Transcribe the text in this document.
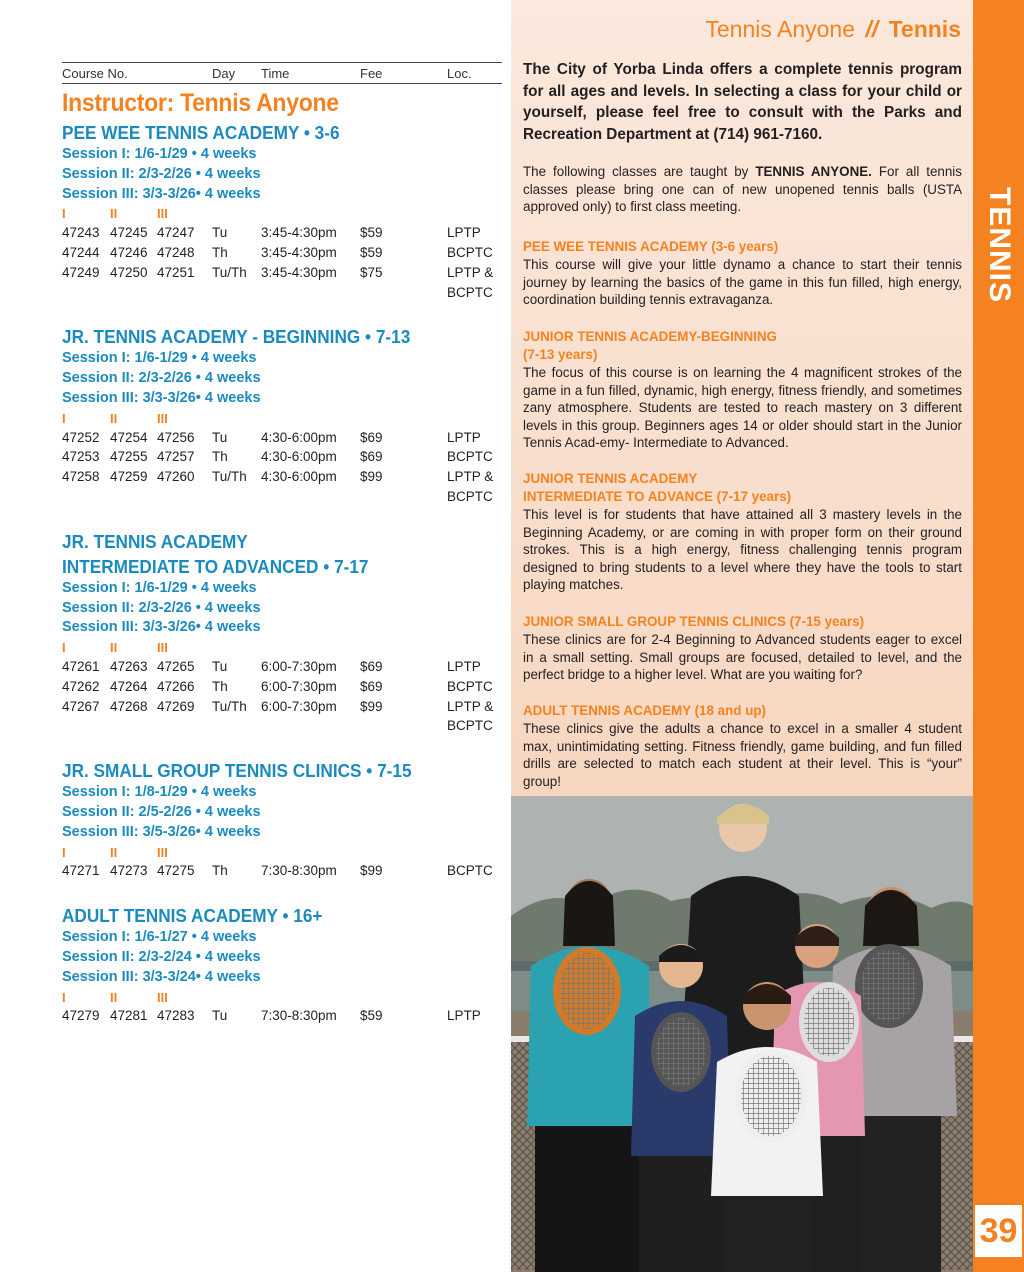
Course No.	Day Time	Fee	Loc.
Instructor: Tennis Anyone
PEE WEE TENNIS ACADEMY • 3-6
Session I: 1/6-1/29 • 4 weeks
Session II: 2/3-2/26 • 4 weeks
Session III: 3/3-3/26• 4 weeks
I	II	III
47243 47245 47247 Tu 3:45-4:30pm $59	LPTP
47244 47246 47248 Th 3:45-4:30pm $59	BCPTC
47249 47250 47251 Tu/Th 3:45-4:30pm $75	LPTP &
BCPTC
JR. TENNIS ACADEMY - BEGINNING • 7-13
Session I: 1/6-1/29 • 4 weeks
Session II: 2/3-2/26 • 4 weeks
Session III: 3/3-3/26• 4 weeks
I	II	III
47252 47254 47256 Tu 4:30-6:00pm $69	LPTP
47253 47255 47257 Th 4:30-6:00pm $69	BCPTC
47258 47259 47260 Tu/Th 4:30-6:00pm $99	LPTP &
BCPTC
JR. TENNIS ACADEMY
INTERMEDIATE TO ADVANCED • 7-17
Session I: 1/6-1/29 • 4 weeks
Session II: 2/3-2/26 • 4 weeks
Session III: 3/3-3/26• 4 weeks
I	II	III
47261 47263 47265 Tu 6:00-7:30pm $69	LPTP
47262 47264 47266 Th 6:00-7:30pm $69	BCPTC
47267 47268 47269 Tu/Th 6:00-7:30pm $99	LPTP &
BCPTC
JR. SMALL GROUP TENNIS CLINICS • 7-15
Session I: 1/8-1/29 • 4 weeks
Session II: 2/5-2/26 • 4 weeks
Session III: 3/5-3/26• 4 weeks
I	II	III
47271 47273 47275 Th 7:30-8:30pm $99	BCPTC
ADULT TENNIS ACADEMY • 16+
Session I: 1/6-1/27 • 4 weeks
Session II: 2/3-2/24 • 4 weeks
Session III: 3/3-3/24• 4 weeks
I	II	III
47279 47281 47283 Tu 7:30-8:30pm $59	LPTP
Tennis Anyone // Tennis
The City of Yorba Linda offers a complete tennis program for all ages and levels. In selecting a class for your child or yourself, please feel free to consult with the Parks and Recreation Department at (714) 961-7160.
The following classes are taught by TENNIS ANYONE. For all tennis classes please bring one can of new unopened tennis balls (USTA approved only) to first class meeting.
PEE WEE TENNIS ACADEMY (3-6 years)
This course will give your little dynamo a chance to start their tennis journey by learning the basics of the game in this fun filled, high energy, coordination building tennis extravaganza.
JUNIOR TENNIS ACADEMY-BEGINNING
(7-13 years)
The focus of this course is on learning the 4 magnificent strokes of the game in a fun filled, dynamic, high energy, fitness friendly, and sometimes zany atmosphere. Students are tested to reach mastery on 3 different levels in this group. Beginners ages 14 or older should start in the Junior Tennis Acad-emy- Intermediate to Advanced.
JUNIOR TENNIS ACADEMY
INTERMEDIATE TO ADVANCE (7-17 years)
This level is for students that have attained all 3 mastery levels in the Beginning Academy, or are coming in with proper form on their ground strokes. This is a high energy, fitness challenging tennis program designed to bring students to a level where they have the tools to start playing matches.
JUNIOR SMALL GROUP TENNIS CLINICS (7-15 years)
These clinics are for 2-4 Beginning to Advanced students eager to excel in a small setting. Small groups are focused, detailed to level, and the perfect bridge to a higher level. What are you waiting for?
ADULT TENNIS ACADEMY (18 and up)
These clinics give the adults a chance to excel in a smaller 4 student max, unintimidating setting. Fitness friendly, game building, and fun filled drills are selected to match each student at their level. This is “your” group!
TENNIS
39
